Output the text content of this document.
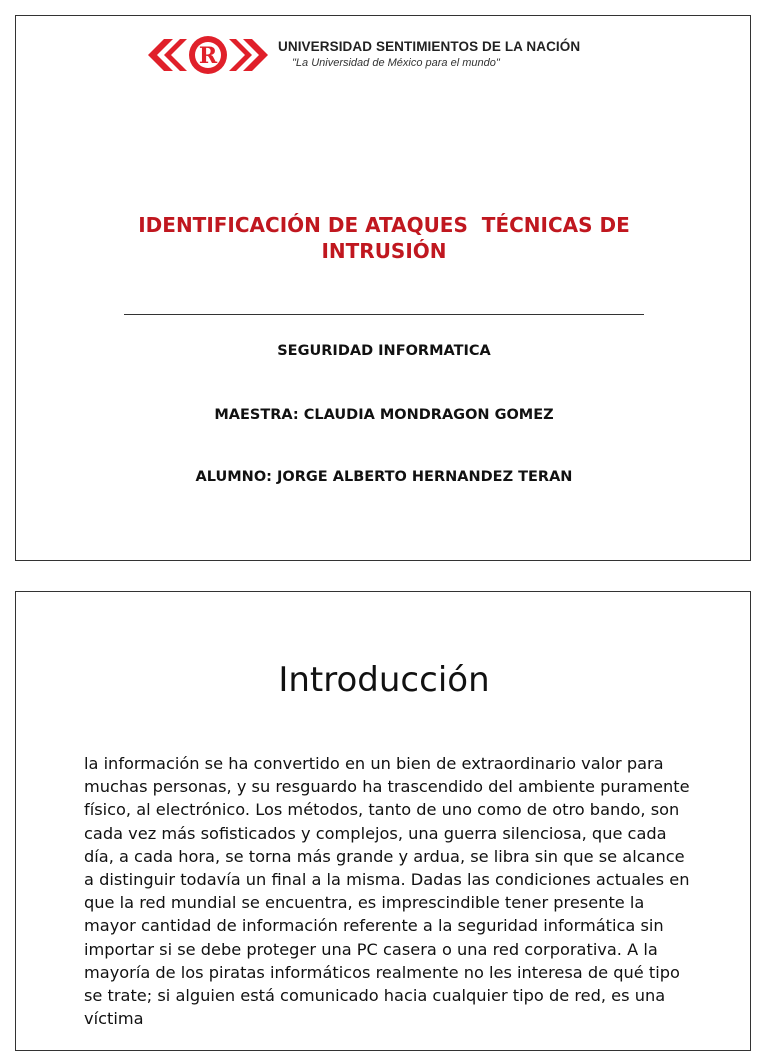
R	UNIVERSIDAD SENTIMIENTOS DE LA NACIÓN
"La Universidad de México para el mundo"
IDENTIFICACIÓN DE ATAQUES  TÉCNICAS DE
INTRUSIÓN
SEGURIDAD INFORMATICA
MAESTRA: CLAUDIA MONDRAGON GOMEZ
ALUMNO: JORGE ALBERTO HERNANDEZ TERAN
Introducción
la información se ha convertido en un bien de extraordinario valor para muchas personas, y su resguardo ha trascendido del ambiente puramente físico, al electrónico. Los métodos, tanto de uno como de otro bando, son cada vez más sofisticados y complejos, una guerra silenciosa, que cada día, a cada hora, se torna más grande y ardua, se libra sin que se alcance a distinguir todavía un final a la misma. Dadas las condiciones actuales en que la red mundial se encuentra, es imprescindible tener presente la mayor cantidad de información referente a la seguridad informática sin importar si se debe proteger una PC casera o una red corporativa. A la mayoría de los piratas informáticos realmente no les interesa de qué tipo se trate; si alguien está comunicado hacia cualquier tipo de red, es una víctima
